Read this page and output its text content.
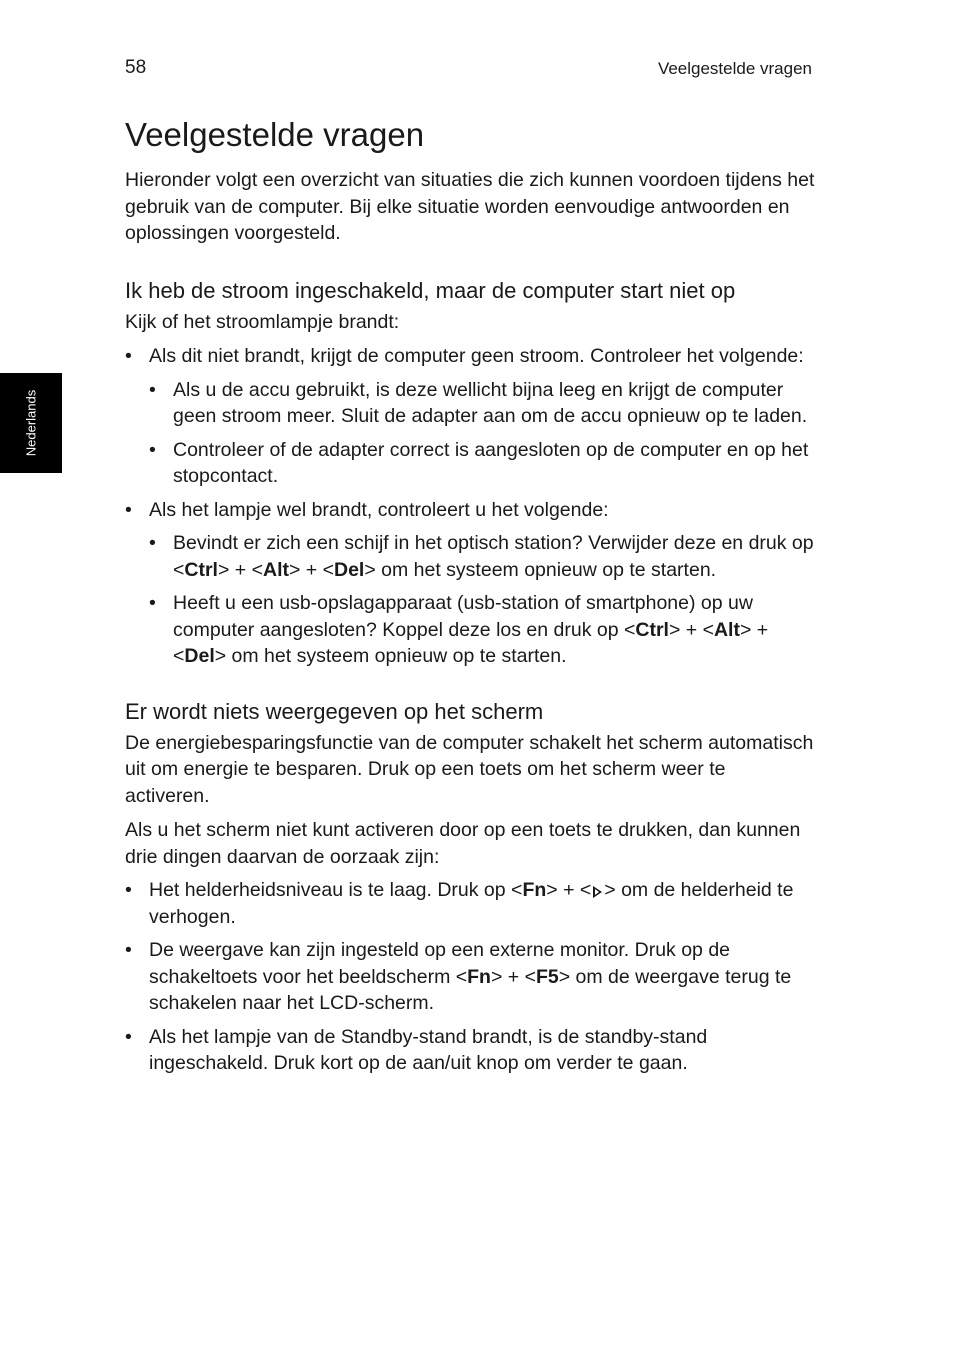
58	Veelgestelde vragen
Nederlands
Veelgestelde vragen

Hieronder volgt een overzicht van situaties die zich kunnen voordoen tijdens het gebruik van de computer. Bij elke situatie worden eenvoudige antwoorden en oplossingen voorgesteld.

Ik heb de stroom ingeschakeld, maar de computer start niet op

Kijk of het stroomlampje brandt:

• Als dit niet brandt, krijgt de computer geen stroom. Controleer het volgende:
• Als u de accu gebruikt, is deze wellicht bijna leeg en krijgt de computer geen stroom meer. Sluit de adapter aan om de accu opnieuw op te laden.
• Controleer of de adapter correct is aangesloten op de computer en op het stopcontact.
• Als het lampje wel brandt, controleert u het volgende:
• Bevindt er zich een schijf in het optisch station? Verwijder deze en druk op <Ctrl> + <Alt> + <Del> om het systeem opnieuw op te starten.
• Heeft u een usb-opslagapparaat (usb-station of smartphone) op uw computer aangesloten? Koppel deze los en druk op <Ctrl> + <Alt> + <Del> om het systeem opnieuw op te starten.
Er wordt niets weergegeven op het scherm

De energiebesparingsfunctie van de computer schakelt het scherm automatisch uit om energie te besparen. Druk op een toets om het scherm weer te activeren.

Als u het scherm niet kunt activeren door op een toets te drukken, dan kunnen drie dingen daarvan de oorzaak zijn:

• Het helderheidsniveau is te laag. Druk op <Fn> + < > om de helderheid te verhogen.
• De weergave kan zijn ingesteld op een externe monitor. Druk op de schakeltoets voor het beeldscherm <Fn> + <F5> om de weergave terug te schakelen naar het LCD-scherm.
• Als het lampje van de Standby-stand brandt, is de standby-stand ingeschakeld. Druk kort op de aan/uit knop om verder te gaan.
